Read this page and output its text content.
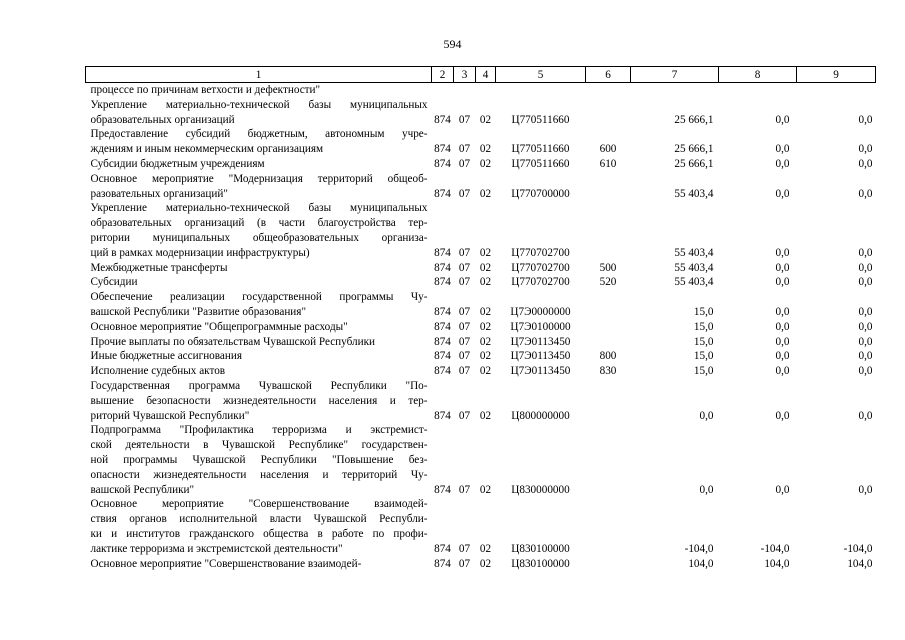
594
1	2	3	4	5	6	7	8	9

процессе по причинам ветхости и дефектности"								

Укрепление материально-технической базы муниципальных
образовательных организаций	874	07	02	Ц770511660		25 666,1	0,0	0,0

Предоставление субсидий бюджетным, автономным учре-
ждениям и иным некоммерческим организациям	874	07	02	Ц770511660	600	25 666,1	0,0	0,0

Субсидии бюджетным учреждениям	874	07	02	Ц770511660	610	25 666,1	0,0	0,0

Основное мероприятие "Модернизация территорий общеоб-
разовательных организаций"	874	07	02	Ц770700000		55 403,4	0,0	0,0

Укрепление материально-технической базы муниципальных
образовательных организаций (в части благоустройства тер-
ритории муниципальных общеобразовательных организа-
ций в рамках модернизации инфраструктуры)	874	07	02	Ц770702700		55 403,4	0,0	0,0

Межбюджетные трансферты	874	07	02	Ц770702700	500	55 403,4	0,0	0,0

Субсидии	874	07	02	Ц770702700	520	55 403,4	0,0	0,0

Обеспечение реализации государственной программы Чу-
вашской Республики "Развитие образования"	874	07	02	Ц7Э0000000		15,0	0,0	0,0

Основное мероприятие "Общепрограммные расходы"	874	07	02	Ц7Э0100000		15,0	0,0	0,0

Прочие выплаты по обязательствам Чувашской Республики	874	07	02	Ц7Э0113450		15,0	0,0	0,0

Иные бюджетные ассигнования	874	07	02	Ц7Э0113450	800	15,0	0,0	0,0

Исполнение судебных актов	874	07	02	Ц7Э0113450	830	15,0	0,0	0,0

Государственная программа Чувашской Республики "По-
вышение безопасности жизнедеятельности населения и тер-
риторий Чувашской Республики"	874	07	02	Ц800000000		0,0	0,0	0,0

Подпрограмма "Профилактика терроризма и экстремист-
ской деятельности в Чувашской Республике" государствен-
ной программы Чувашской Республики "Повышение без-
опасности жизнедеятельности населения и территорий Чу-
вашской Республики"	874	07	02	Ц830000000		0,0	0,0	0,0

Основное мероприятие "Совершенствование взаимодей-
ствия органов исполнительной власти Чувашской Республи-
ки и институтов гражданского общества в работе по профи-
лактике терроризма и экстремистской деятельности"	874	07	02	Ц830100000		-104,0	-104,0	-104,0

Основное мероприятие "Совершенствование взаимодей-	874	07	02	Ц830100000		104,0	104,0	104,0
